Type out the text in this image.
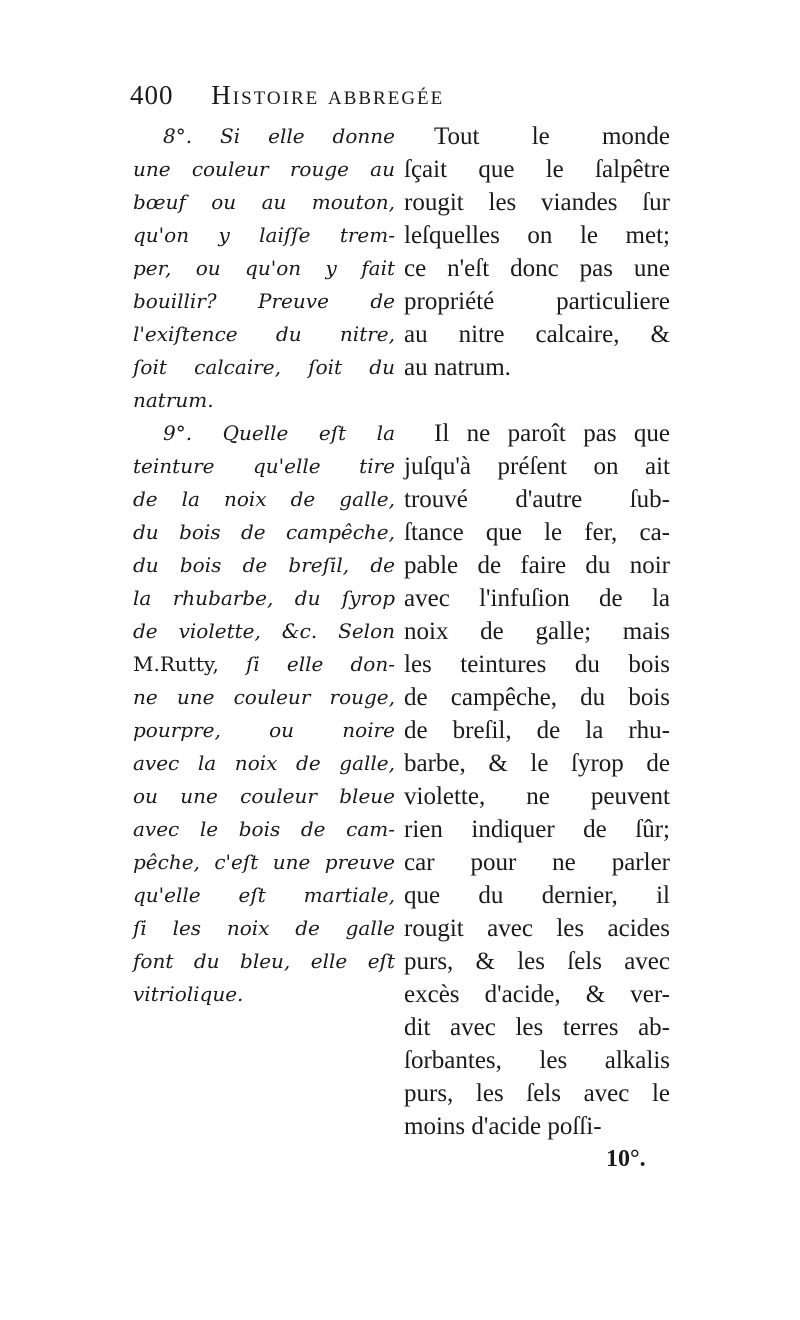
400 Histoire abbregée
8°. Si elle donne
une couleur rouge au
bœuf ou au mouton,
qu'on y laiſſe trem-
per, ou qu'on y fait
bouillir? Preuve de
l'exiſtence du nitre,
ſoit calcaire, ſoit du
natrum.
9°. Quelle eſt la
teinture qu'elle tire
de la noix de galle,
du bois de campêche,
du bois de breſil, de
la rhubarbe, du ſyrop
de violette, &c. Selon
M.Rutty, ſi elle don-
ne une couleur rouge,
pourpre, ou noire
avec la noix de galle,
ou une couleur bleue
avec le bois de cam-
pêche, c'eſt une preuve
qu'elle eſt martiale,
ſi les noix de galle
font du bleu, elle eſt
vitriolique.
Tout le monde
ſçait que le ſalpêtre
rougit les viandes ſur
leſquelles on le met;
ce n'eſt donc pas une
propriété particuliere
au nitre calcaire, &
au natrum.
Il ne paroît pas que
juſqu'à préſent on ait
trouvé d'autre ſub-
ſtance que le fer, ca-
pable de faire du noir
avec l'infuſion de la
noix de galle; mais
les teintures du bois
de campêche, du bois
de breſil, de la rhu-
barbe, & le ſyrop de
violette, ne peuvent
rien indiquer de ſûr;
car pour ne parler
que du dernier, il
rougit avec les acides
purs, & les ſels avec
excès d'acide, & ver-
dit avec les terres ab-
ſorbantes, les alkalis
purs, les ſels avec le
moins d'acide poſſi-
10°.
